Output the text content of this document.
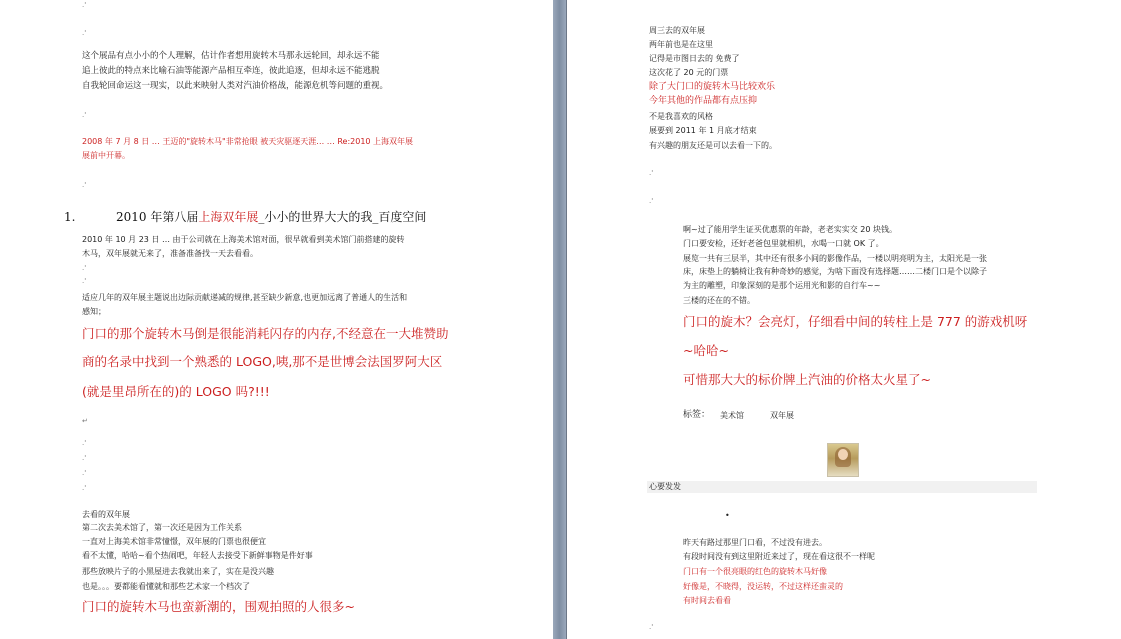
.'
.'
这个展品有点小小的个人理解，估计作者想用旋转木马那永远轮回，却永远不能
追上彼此的特点来比喻石油等能源产品相互牵连，彼此追逐，但却永远不能逃脱
自我轮回命运这一现实，以此来映射人类对汽油价格战，能源危机等问题的重视。
.'
2008 年 7 月 8 日 … 王迈的"旋转木马"非常抢眼 被天灾驱逐天涯… … Re:2010 上海双年展
展前中开幕。
.'
1.	2010 年第八届上海双年展_小小的世界大大的我_百度空间
2010 年 10 月 23 日 … 由于公司就在上海美术馆对面，很早就看到美术馆门前搭建的旋转
木马，双年展就无来了，准备准备找一天去看看。
.'
.'
适应几年的双年展主题说出边际贡献递减的规律,甚至缺少新意,也更加远离了普通人的生活和
感知；
门口的那个旋转木马倒是很能消耗闪存的内存,不经意在一大堆赞助
商的名录中找到一个熟悉的 LOGO,咦,那不是世博会法国罗阿大区
(就是里昂所在的)的 LOGO 吗?!!!
↵
.'
.'
.'
.'
去看的双年展
第二次去美术馆了，第一次还是因为工作关系
一直对上海美术馆非常憧憬，双年展的门票也很便宜
看不太懂，哈哈~看个热闹吧，年轻人去接受下新鲜事物是件好事
那些放映片子的小黑屋进去我就出来了，实在是没兴趣
也是。。。要都能看懂就和那些艺术家一个档次了
门口的旋转木马也蛮新潮的，围观拍照的人很多~
周三去的双年展
两年前也是在这里
记得是市图日去的 免费了
这次花了 20 元的门票
除了大门口的旋转木马比较欢乐
今年其他的作品都有点压抑
不是我喜欢的风格
展要到 2011 年 1 月底才结束
有兴趣的朋友还是可以去看一下的。
.'
.'
啊~过了能用学生证买优惠票的年龄，老老实实交 20 块钱。
门口要安检，还好老爸包里就相机，水喝一口就 OK 了。
展览一共有三层半，其中还有很多小间的影像作品，一楼以明亮明为主，太阳光是一张
床，床垫上的躺椅让我有种奇妙的感觉，为啥下面没有选择题……二楼门口是个以除子
为主的雕塑，印象深刻的是那个运用光和影的自行车~~
三楼的还在的不错。
门口的旋木？会亮灯，仔细看中间的转柱上是 777 的游戏机呀
~哈哈~
可惜那大大的标价牌上汽油的价格太火星了~
标签： 美术馆	双年展
心要发发
•
昨天有路过那里门口看，不过没有进去。
有段时间没有到这里附近来过了，现在看这很不一样呢
门口有一个很亮眼的红色的旋转木马好像
好像是，不晓得，没运转，不过这样还蛮灵的
有时间去看看
.'
